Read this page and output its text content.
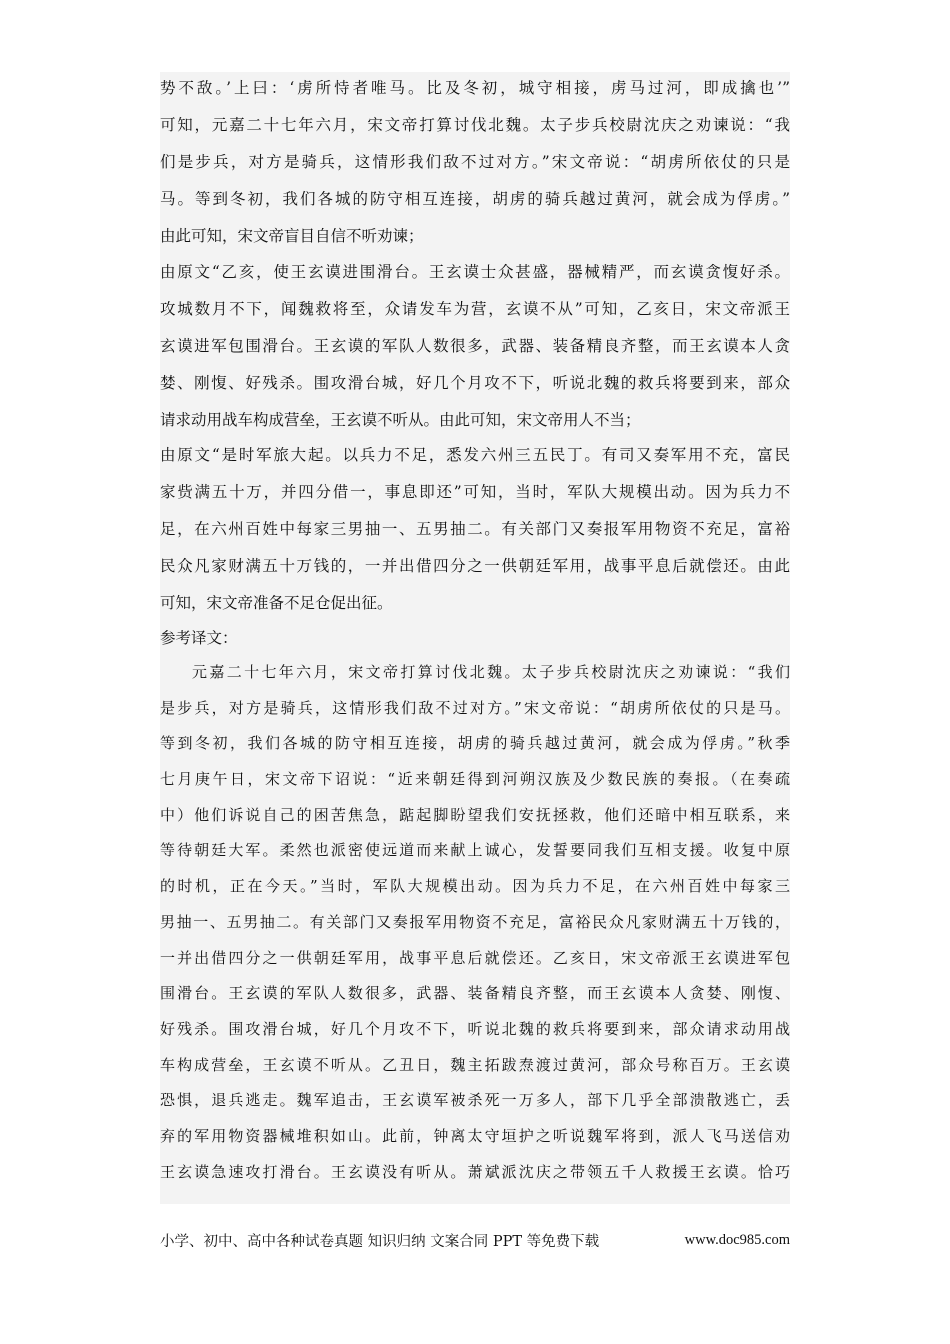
势不敌。’上曰：‘虏所恃者唯马。比及冬初，城守相接，虏马过河，即成擒也’”
可知，元嘉二十七年六月，宋文帝打算讨伐北魏。太子步兵校尉沈庆之劝谏说：“我
们是步兵，对方是骑兵，这情形我们敌不过对方。”宋文帝说：“胡虏所依仗的只是
马。等到冬初，我们各城的防守相互连接，胡虏的骑兵越过黄河，就会成为俘虏。”
由此可知，宋文帝盲目自信不听劝谏；
由原文“乙亥，使王玄谟进围滑台。王玄谟士众甚盛，器械精严，而玄谟贪愎好杀。
攻城数月不下，闻魏救将至，众请发车为营，玄谟不从”可知，乙亥日，宋文帝派王
玄谟进军包围滑台。王玄谟的军队人数很多，武器、装备精良齐整，而王玄谟本人贪
婪、刚愎、好残杀。围攻滑台城，好几个月攻不下，听说北魏的救兵将要到来，部众
请求动用战车构成营垒，王玄谟不听从。由此可知，宋文帝用人不当；
由原文“是时军旅大起。以兵力不足，悉发六州三五民丁。有司又奏军用不充，富民
家赀满五十万，并四分借一，事息即还”可知，当时，军队大规模出动。因为兵力不
足，在六州百姓中每家三男抽一、五男抽二。有关部门又奏报军用物资不充足，富裕
民众凡家财满五十万钱的，一并出借四分之一供朝廷军用，战事平息后就偿还。由此
可知，宋文帝准备不足仓促出征。
参考译文：
元嘉二十七年六月，宋文帝打算讨伐北魏。太子步兵校尉沈庆之劝谏说：“我们
是步兵，对方是骑兵，这情形我们敌不过对方。”宋文帝说：“胡虏所依仗的只是马。
等到冬初，我们各城的防守相互连接，胡虏的骑兵越过黄河，就会成为俘虏。”秋季
七月庚午日，宋文帝下诏说：“近来朝廷得到河朔汉族及少数民族的奏报。（在奏疏
中）他们诉说自己的困苦焦急，踮起脚盼望我们安抚拯救，他们还暗中相互联系，来
等待朝廷大军。柔然也派密使远道而来献上诚心，发誓要同我们互相支援。收复中原
的时机，正在今天。”当时，军队大规模出动。因为兵力不足，在六州百姓中每家三
男抽一、五男抽二。有关部门又奏报军用物资不充足，富裕民众凡家财满五十万钱的，
一并出借四分之一供朝廷军用，战事平息后就偿还。乙亥日，宋文帝派王玄谟进军包
围滑台。王玄谟的军队人数很多，武器、装备精良齐整，而王玄谟本人贪婪、刚愎、
好残杀。围攻滑台城，好几个月攻不下，听说北魏的救兵将要到来，部众请求动用战
车构成营垒，王玄谟不听从。乙丑日，魏主拓跋焘渡过黄河，部众号称百万。王玄谟
恐惧，退兵逃走。魏军追击，王玄谟军被杀死一万多人，部下几乎全部溃散逃亡，丢
弃的军用物资器械堆积如山。此前，钟离太守垣护之听说魏军将到，派人飞马送信劝
王玄谟急速攻打滑台。王玄谟没有听从。萧斌派沈庆之带领五千人救援王玄谟。恰巧
小学、初中、高中各种试卷真题 知识归纳 文案合同 PPT 等免费下载	www.doc985.com
